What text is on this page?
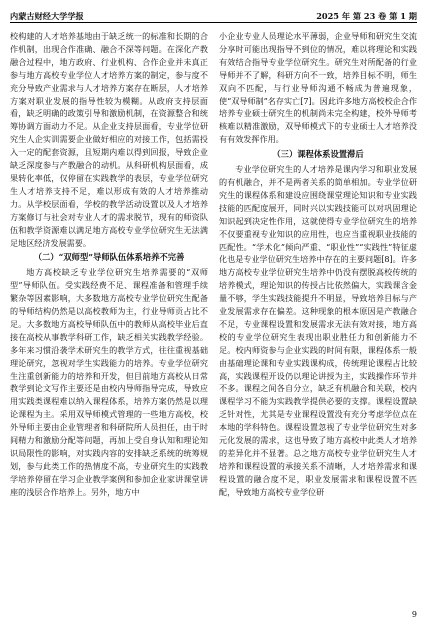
内蒙古财经大学学报	2025 年 第 23 卷 第 1 期

校构建的人才培养基地由于缺乏统一的标准和长期的合作机制，出现合作准确、融合不深等问题。在深化产教融合过程中，地方政府、行业机构、合作企业并未真正参与地方高校专业学位人才培养方案的制定，参与度不充分导致产业需求与人才培养方案存在断层，人才培养方案对职业发展的指导性较为模糊。从政府支持层面看，缺乏明确的政策引导和激励机制，在资源整合和统筹协调方面动力不足。从企业支持层面看，专业学位研究生人企实训需要企业做好相应的对接工作，包括需投入一定的配套资源，且短期内难以得到回报，导致企业缺乏深度参与产教融合的动机。从科研机构层面看，成果转化率低，仅停留在实践教学的表层，专业学位研究生人才培养支持不足，难以形成有效的人才培养推动力。从学校层面看，学校的教学活动设置以及人才培养方案修订与社会对专业人才的需求脱节，现有的师资队伍和教学资源难以满足地方高校专业学位研究生无法满足地区经济发展需要。

（二）“双师型”导师队伍体系培养不完善

地方高校缺乏专业学位研究生培养需要的“双师型”导师队伍。受实践经费不足、课程准备和管理手续繁杂等因素影响，大多数地方高校专业学位研究生配备的导师结构仍然是以高校教师为主，行业导师贡占比不足。大多数地方高校导师队伍中的教师从高校毕业后直接在高校从事教学科研工作，缺乏相关实践教学经验。多年来习惯沿袭学术研究生的教学方式，往往重视基础理论研究，忽视对学生实践能力的培养。专业学位研究生注重创新能力的培养和开发，但目前地方高校从日常教学到论文写作主要还是由校内导师指导完成，导致应用实践类课程难以纳入课程体系，培养方案仍然是以理论课程为主。采用双导师模式管理的一些地方高校，校外导师主要由企业管理者和科研院所人员担任，由于时间精力和激励分配等问题，再加上受自身认知和理论知识局限性的影响，对实践内容的安排缺乏系统的统筹规划，参与此类工作的热情度不高，专业研究生的实践教学培养停留在学习企业教学案例和参加企业家讲课堂讲座的浅层合作培养上。另外，地方中

小企业专业人员理论水平薄弱，企业导师和研究生交流分享时可能出现指导不到位的情况，难以将理论和实践有效结合指导专业学位研究生。研究生对所配备的行业导师并不了解，科研方向不一致，培养目标不明，师生双向不匹配，与行业导师沟通不畅成为普遍现象，使“双导师制”名存实亡[7]。因此许多地方高校校企合作培养专业硕士研究生的机制尚未完全构建，校外导师考核难以精准激励，双导师模式下的专业硕士人才培养没有有效发挥作用。

（三）课程体系设置滞后

专业学位研究生的人才培养是课内学习和职业发展的有机融合，并不是两者关系的简单相加。专业学位研究生的课程体系和建设应围绕课堂理论知识和专业实践技能的匹配度展开，同时兴以实践技能可以对巩固理论知识起到决定性作用，这就使得专业学位研究生的培养不仅要重视专业知识的应用性，也应当重视职业技能的匹配性。“学术化”倾向严重、“职业性”“实践性”特征虚化也是专业学位研究生培养中存在的主要问题[8]。许多地方高校专业学位研究生培养中仍没有摆脱高校传统的培养模式，理论知识的传授占比依然偏大，实践课含金量不够，学生实践技能提升不明显，导致培养目标与产业发展需求存在偏差。这种现象的根本原因是产教融合不足，专业课程设置和发展需求无法有效对接，地方高校的专业学位研究生表现出职业胜任力和创新能力不足。校内师资参与企业实践的时间有限，课程体系一般由基础理论课和专业实践课构成，传统理论课程占比较高，实践课程开设仍以理论讲授为主，实践操作环节并不多。课程之间各自分立，缺乏有机融合和关联，校内课程学习不能为实践教学提供必要的支撑。课程设置缺乏针对性，尤其是专业课程设置没有充分考虑学位点在本地的学科特色。课程设置忽视了专业学位研究生对多元化发展的需求，这也导致了地方高校中此类人才培养的差异化并不显著。总之地方高校专业学位研究生人才培养和课程设置的承接关系不清晰，人才培养需求和课程设置的融合度不足，职业发展需求和课程设置不匹配，导致地方高校专业学位研

9
